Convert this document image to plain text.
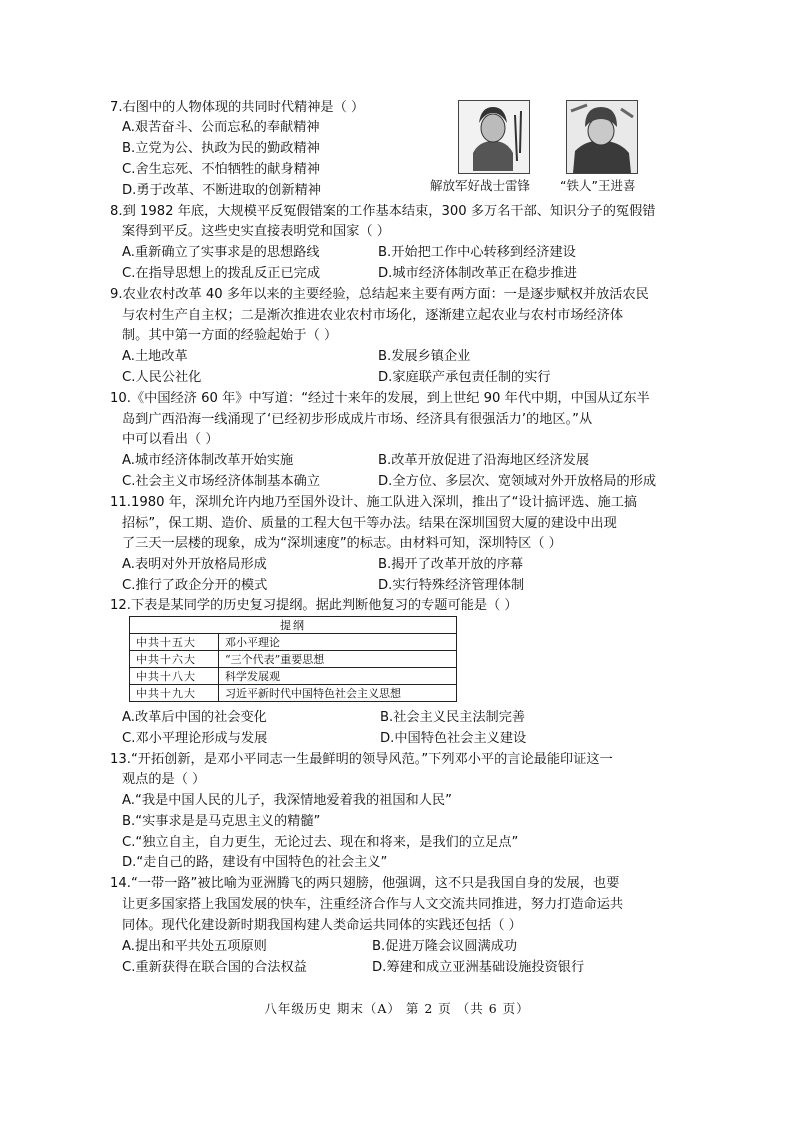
7.右图中的人物体现的共同时代精神是（ ）
A.艰苦奋斗、公而忘私的奉献精神
B.立党为公、执政为民的勤政精神
C.舍生忘死、不怕牺牲的献身精神
D.勇于改革、不断进取的创新精神	解放军好战士雷锋 “铁人”王进喜
8.到 1982 年底，大规模平反冤假错案的工作基本结束，300 多万名干部、知识分子的冤假错
案得到平反。这些史实直接表明党和国家（ ）
A.重新确立了实事求是的思想路线	B.开始把工作中心转移到经济建设
C.在指导思想上的拨乱反正已完成	D.城市经济体制改革正在稳步推进
9.农业农村改革 40 多年以来的主要经验，总结起来主要有两方面：一是逐步赋权并放活农民
与农村生产自主权；二是渐次推进农业农村市场化，逐渐建立起农业与农村市场经济体
制。其中第一方面的经验起始于（ ）
A.土地改革	B.发展乡镇企业
C.人民公社化	D.家庭联产承包责任制的实行
10.《中国经济 60 年》中写道：“经过十来年的发展，到上世纪 90 年代中期，中国从辽东半
岛到广西沿海一线涌现了‘已经初步形成成片市场、经济具有很强活力’的地区。”从
中可以看出（ ）
A.城市经济体制改革开始实施	B.改革开放促进了沿海地区经济发展
C.社会主义市场经济体制基本确立	D.全方位、多层次、宽领域对外开放格局的形成
11.1980 年，深圳允许内地乃至国外设计、施工队进入深圳，推出了“设计搞评选、施工搞
招标”，保工期、造价、质量的工程大包干等办法。结果在深圳国贸大厦的建设中出现
了三天一层楼的现象，成为“深圳速度”的标志。由材料可知，深圳特区（ ）
A.表明对外开放格局形成	B.揭开了改革开放的序幕
C.推行了政企分开的模式	D.实行特殊经济管理体制
12.下表是某同学的历史复习提纲。据此判断他复习的专题可能是（ ）
提纲	
中共十五大	邓小平理论
中共十六大	“三个代表”重要思想
中共十八大	科学发展观
中共十九大	习近平新时代中国特色社会主义思想
A.改革后中国的社会变化	B.社会主义民主法制完善
C.邓小平理论形成与发展	D.中国特色社会主义建设
13.“开拓创新，是邓小平同志一生最鲜明的领导风范。”下列邓小平的言论最能印证这一
观点的是（ ）
A.“我是中国人民的儿子，我深情地爱着我的祖国和人民”
B.“实事求是是马克思主义的精髓”
C.“独立自主，自力更生，无论过去、现在和将来，是我们的立足点”
D.“走自己的路，建设有中国特色的社会主义”
14.“一带一路”被比喻为亚洲腾飞的两只翅膀，他强调，这不只是我国自身的发展，也要
让更多国家搭上我国发展的快车，注重经济合作与人文交流共同推进，努力打造命运共
同体。现代化建设新时期我国构建人类命运共同体的实践还包括（ ）
A.提出和平共处五项原则	B.促进万隆会议圆满成功
C.重新获得在联合国的合法权益	D.筹建和成立亚洲基础设施投资银行
八年级历史 期末（A） 第 2 页 （共 6 页）
